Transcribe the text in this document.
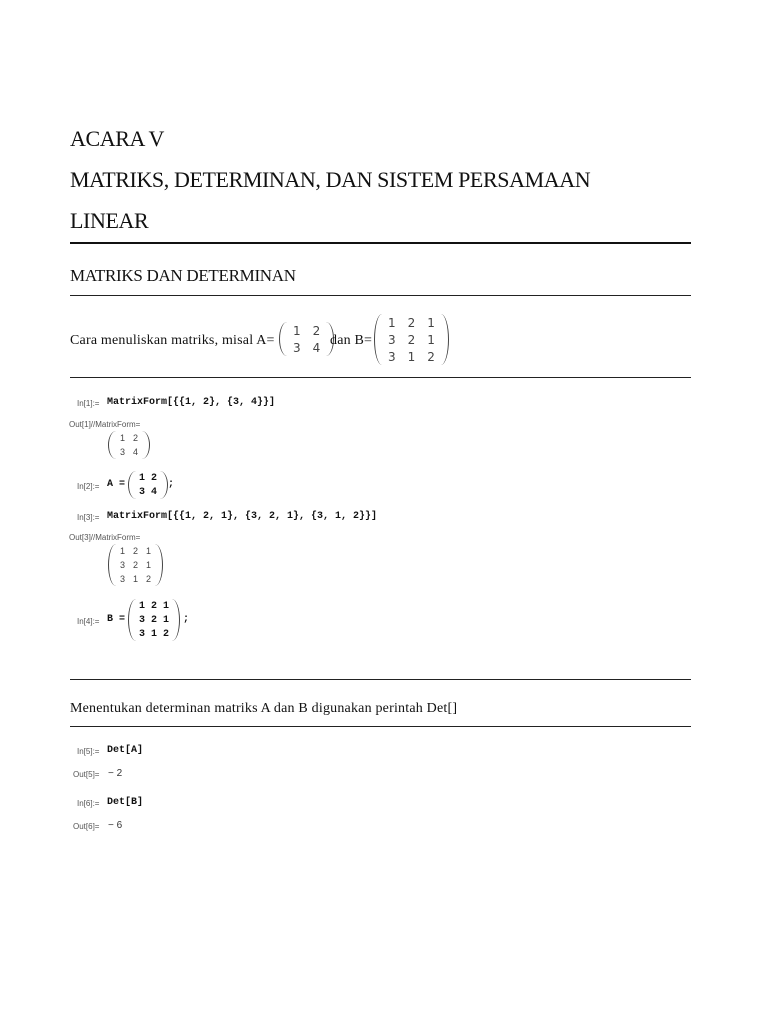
ACARA V
MATRIKS, DETERMINAN, DAN SISTEM PERSAMAAN
LINEAR
MATRIKS DAN DETERMINAN
Cara menuliskan matriks, misal A=
1	2
3	4 dan B=
1	2	1
3	2	1
3	1	2
In[1]:= MatrixForm[{{1, 2}, {3, 4}}]
Out[1]//MatrixForm=
1	2
3	4
In[2]:= A =
1	2
3	4
;
In[3]:= MatrixForm[{{1, 2, 1}, {3, 2, 1}, {3, 1, 2}}]
Out[3]//MatrixForm=
1	2	1
3	2	1
3	1	2
In[4]:= B =
1	2	1
3	2	1
3	1	2
;
Menentukan determinan matriks A dan B digunakan perintah Det[]
In[5]:= Det[A]
Out[5]= − 2
In[6]:= Det[B]
Out[6]= − 6
